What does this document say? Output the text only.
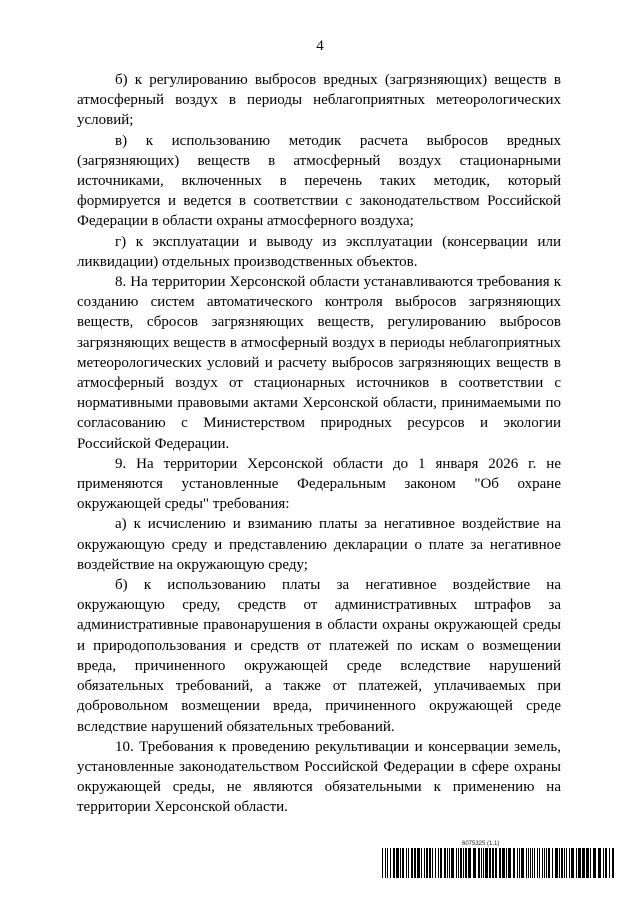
4

б) к регулированию выбросов вредных (загрязняющих) веществ в атмосферный воздух в периоды неблагоприятных метеорологических условий;

в) к использованию методик расчета выбросов вредных (загрязняющих) веществ в атмосферный воздух стационарными источниками, включенных в перечень таких методик, который формируется и ведется в соответствии с законодательством Российской Федерации в области охраны атмосферного воздуха;

г) к эксплуатации и выводу из эксплуатации (консервации или ликвидации) отдельных производственных объектов.

8. На территории Херсонской области устанавливаются требования к созданию систем автоматического контроля выбросов загрязняющих веществ, сбросов загрязняющих веществ, регулированию выбросов загрязняющих веществ в атмосферный воздух в периоды неблагоприятных метеорологических условий и расчету выбросов загрязняющих веществ в атмосферный воздух от стационарных источников в соответствии с нормативными правовыми актами Херсонской области, принимаемыми по согласованию с Министерством природных ресурсов и экологии Российской Федерации.

9. На территории Херсонской области до 1 января 2026 г. не применяются установленные Федеральным законом "Об охране окружающей среды" требования:

а) к исчислению и взиманию платы за негативное воздействие на окружающую среду и представлению декларации о плате за негативное воздействие на окружающую среду;

б) к использованию платы за негативное воздействие на окружающую среду, средств от административных штрафов за административные правонарушения в области охраны окружающей среды и природопользования и средств от платежей по искам о возмещении вреда, причиненного окружающей среде вследствие нарушений обязательных требований, а также от платежей, уплачиваемых при добровольном возмещении вреда, причиненного окружающей среде вследствие нарушений обязательных требований.

10. Требования к проведению рекультивации и консервации земель, установленные законодательством Российской Федерации в сфере охраны окружающей среды, не являются обязательными к применению на территории Херсонской области.

6075325 (1.1)
